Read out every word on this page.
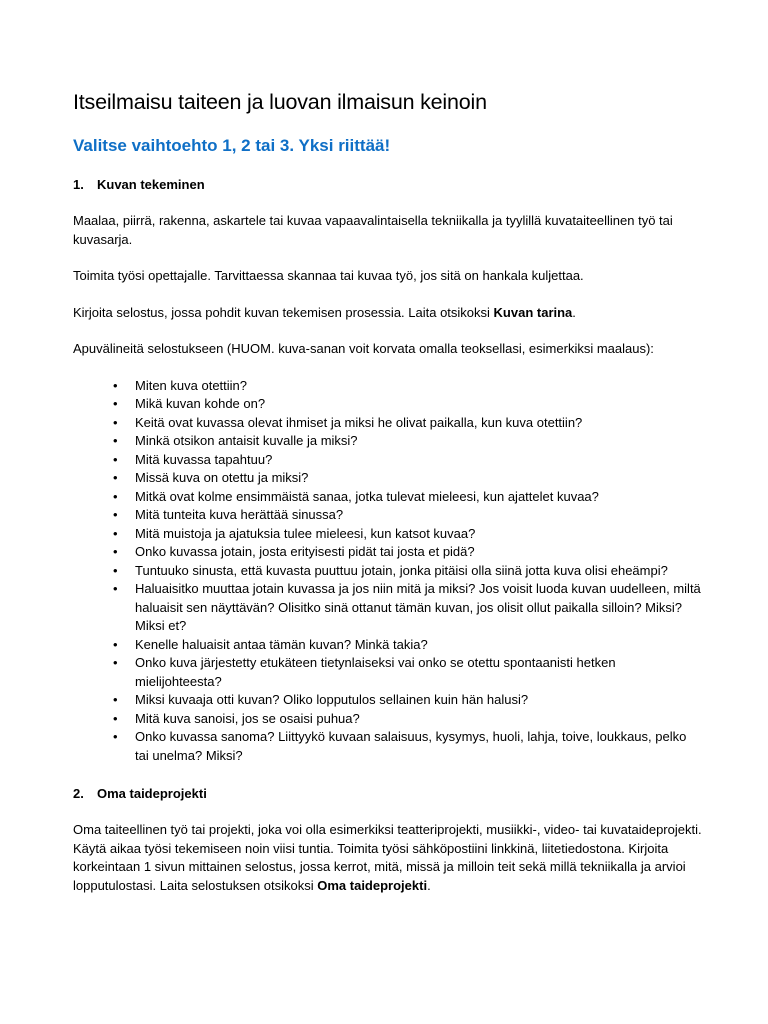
Itseilmaisu taiteen ja luovan ilmaisun keinoin
Valitse vaihtoehto 1, 2 tai 3. Yksi riittää!
1.	Kuvan tekeminen

Maalaa, piirrä, rakenna, askartele tai kuvaa vapaavalintaisella tekniikalla ja tyylillä kuvataiteellinen työ tai kuvasarja.

Toimita työsi opettajalle. Tarvittaessa skannaa tai kuvaa työ, jos sitä on hankala kuljettaa.

Kirjoita selostus, jossa pohdit kuvan tekemisen prosessia. Laita otsikoksi Kuvan tarina.

Apuvälineitä selostukseen (HUOM. kuva-sanan voit korvata omalla teoksellasi, esimerkiksi maalaus):

• Miten kuva otettiin?
• Mikä kuvan kohde on?
• Keitä ovat kuvassa olevat ihmiset ja miksi he olivat paikalla, kun kuva otettiin?
• Minkä otsikon antaisit kuvalle ja miksi?
• Mitä kuvassa tapahtuu?
• Missä kuva on otettu ja miksi?
• Mitkä ovat kolme ensimmäistä sanaa, jotka tulevat mieleesi, kun ajattelet kuvaa?
• Mitä tunteita kuva herättää sinussa?
• Mitä muistoja ja ajatuksia tulee mieleesi, kun katsot kuvaa?
• Onko kuvassa jotain, josta erityisesti pidät tai josta et pidä?
• Tuntuuko sinusta, että kuvasta puuttuu jotain, jonka pitäisi olla siinä jotta kuva olisi eheämpi?
• Haluaisitko muuttaa jotain kuvassa ja jos niin mitä ja miksi? Jos voisit luoda kuvan uudelleen, miltä haluaisit sen näyttävän? Olisitko sinä ottanut tämän kuvan, jos olisit ollut paikalla silloin? Miksi? Miksi et?
• Kenelle haluaisit antaa tämän kuvan? Minkä takia?
• Onko kuva järjestetty etukäteen tietynlaiseksi vai onko se otettu spontaanisti hetken mielijohteesta?
• Miksi kuvaaja otti kuvan? Oliko lopputulos sellainen kuin hän halusi?
• Mitä kuva sanoisi, jos se osaisi puhua?
• Onko kuvassa sanoma? Liittyykö kuvaan salaisuus, kysymys, huoli, lahja, toive, loukkaus, pelko tai unelma? Miksi?
2.	Oma taideprojekti

Oma taiteellinen työ tai projekti, joka voi olla esimerkiksi teatteriprojekti, musiikki-, video- tai kuvataideprojekti. Käytä aikaa työsi tekemiseen noin viisi tuntia. Toimita työsi sähköpostiini linkkinä, liitetiedostona. Kirjoita korkeintaan 1 sivun mittainen selostus, jossa kerrot, mitä, missä ja milloin teit sekä millä tekniikalla ja arvioi lopputulostasi. Laita selostuksen otsikoksi Oma taideprojekti.
